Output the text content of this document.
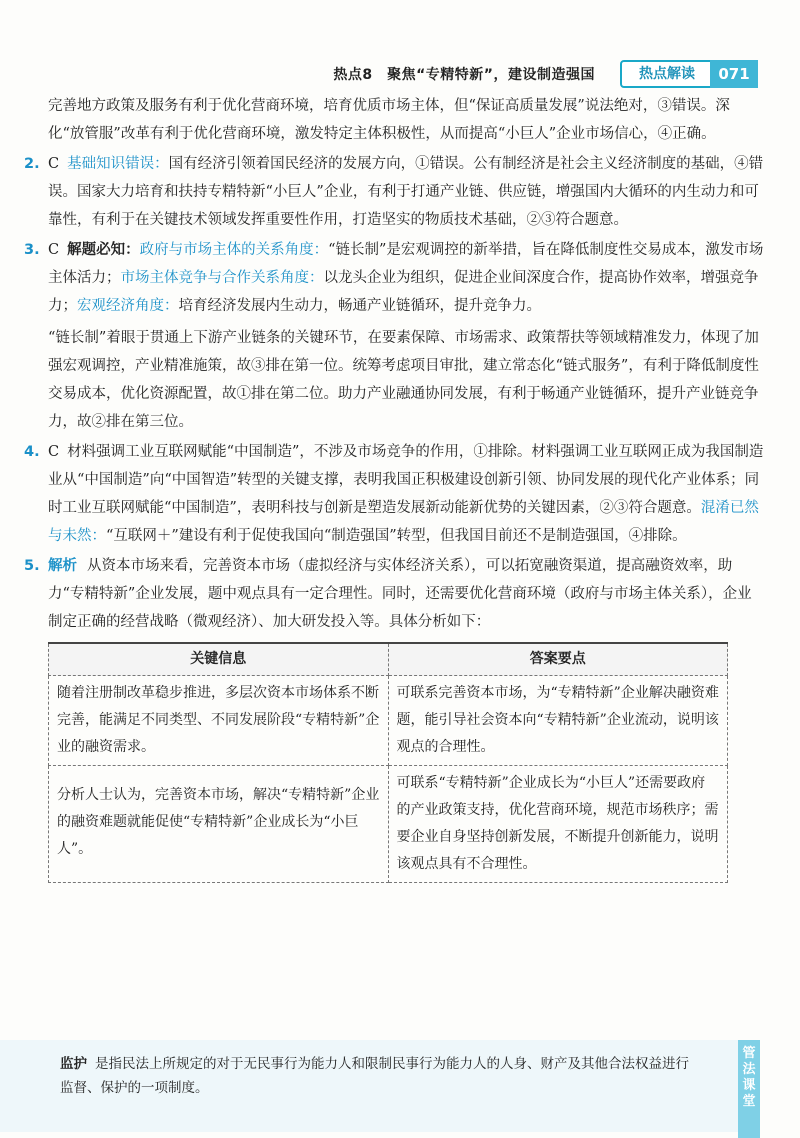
热点8　聚焦“专精特新”，建设制造强国	热点解读	071

完善地方政策及服务有利于优化营商环境，培育优质市场主体，但“保证高质量发展”说法绝对，③错误。深化“放管服”改革有利于优化营商环境，激发特定主体积极性，从而提高“小巨人”企业市场信心，④正确。

2. C 基础知识错误：国有经济引领着国民经济的发展方向，①错误。公有制经济是社会主义经济制度的基础，④错误。国家大力培育和扶持专精特新“小巨人”企业，有利于打通产业链、供应链，增强国内大循环的内生动力和可靠性，有利于在关键技术领域发挥重要性作用，打造坚实的物质技术基础，②③符合题意。
3. C 解题必知：政府与市场主体的关系角度：“链长制”是宏观调控的新举措，旨在降低制度性交易成本，激发市场主体活力；市场主体竞争与合作关系角度：以龙头企业为组织，促进企业间深度合作，提高协作效率，增强竞争力；宏观经济角度：培育经济发展内生动力，畅通产业链循环，提升竞争力。

“链长制”着眼于贯通上下游产业链条的关键环节，在要素保障、市场需求、政策帮扶等领域精准发力，体现了加强宏观调控，产业精准施策，故③排在第一位。统筹考虑项目审批，建立常态化“链式服务”，有利于降低制度性交易成本，优化资源配置，故①排在第二位。助力产业融通协同发展，有利于畅通产业链循环，提升产业链竞争力，故②排在第三位。

4. C 材料强调工业互联网赋能“中国制造”，不涉及市场竞争的作用，①排除。材料强调工业互联网正成为我国制造业从“中国制造”向“中国智造”转型的关键支撑，表明我国正积极建设创新引领、协同发展的现代化产业体系；同时工业互联网赋能“中国制造”，表明科技与创新是塑造发展新动能新优势的关键因素，②③符合题意。混淆已然与未然：“互联网＋”建设有利于促使我国向“制造强国”转型，但我国目前还不是制造强国，④排除。
5. 解析 从资本市场来看，完善资本市场（虚拟经济与实体经济关系），可以拓宽融资渠道，提高融资效率，助力“专精特新”企业发展，题中观点具有一定合理性。同时，还需要优化营商环境（政府与市场主体关系），企业制定正确的经营战略（微观经济）、加大研发投入等。具体分析如下：
关键信息	答案要点
随着注册制改革稳步推进，多层次资本市场体系不断完善，能满足不同类型、不同发展阶段“专精特新”企业的融资需求。	可联系完善资本市场，为“专精特新”企业解决融资难题，能引导社会资本向“专精特新”企业流动，说明该观点的合理性。
分析人士认为，完善资本市场，解决“专精特新”企业的融资难题就能促使“专精特新”企业成长为“小巨人”。	可联系“专精特新”企业成长为“小巨人”还需要政府的产业政策支持，优化营商环境，规范市场秩序；需要企业自身坚持创新发展，不断提升创新能力，说明该观点具有不合理性。
监护 是指民法上所规定的对于无民事行为能力人和限制民事行为能力人的人身、财产及其他合法权益进行监督、保护的一项制度。
管法课堂
